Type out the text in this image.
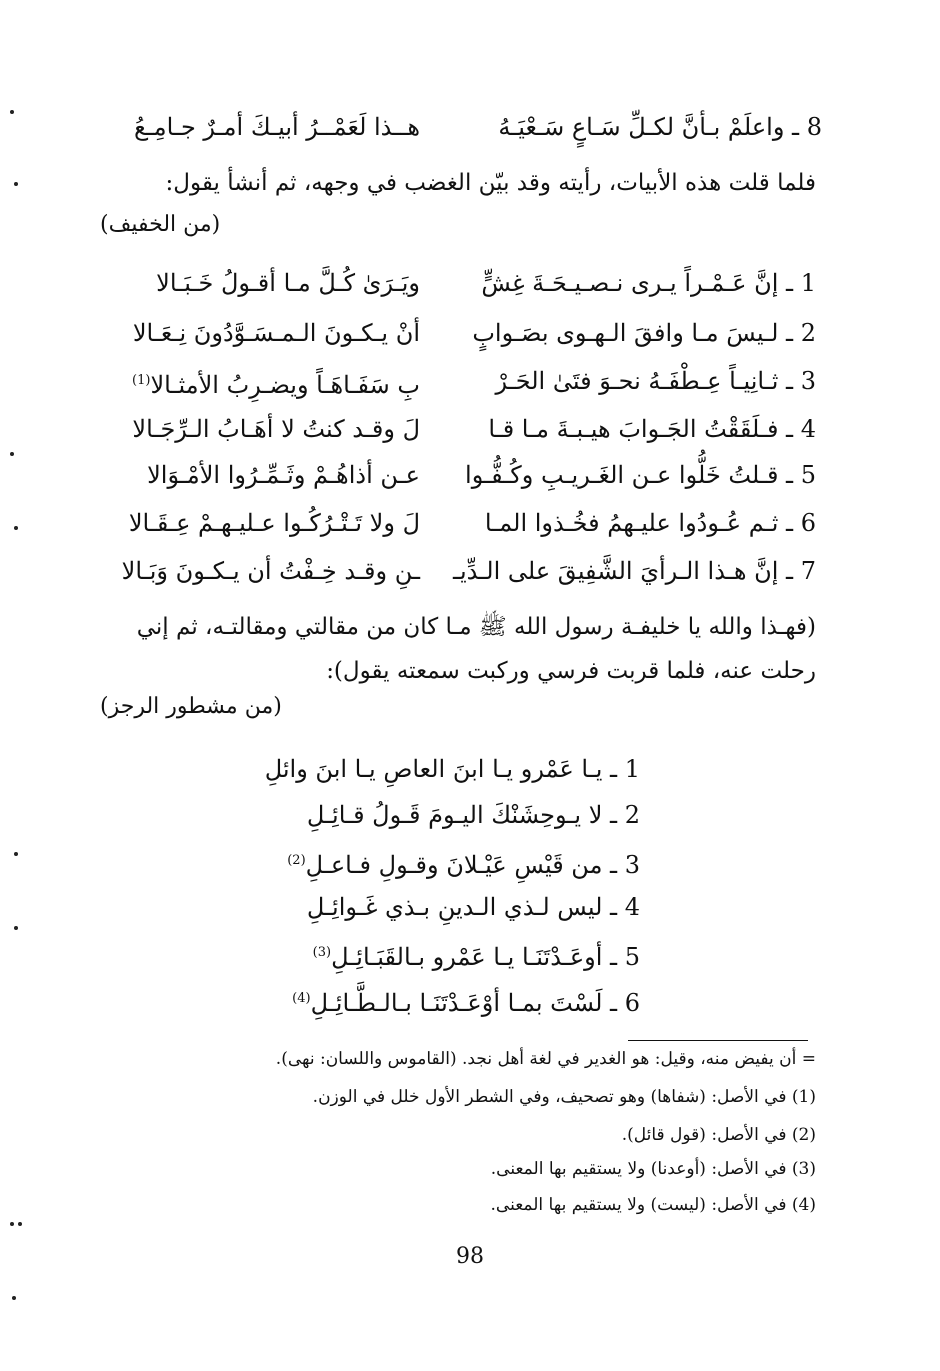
8 ـ واعلَمْ بـأنَّ لكـلِّ سَـاعٍ سَـعْيَـهُ
هــذا لَعَمْــرُ أبيـكَ أمـرٌ جـامِـعُ
فلما قلت هذه الأبيات، رأيته وقد بيّن الغضب في وجهه، ثم أنشأ يقول:
(من الخفيف)
1 ـ إنَّ عَـمْـراً يـرى نـصـيـحَـةَ غِشٍّ
ويَـرَىٰ كُـلَّ مـا أقـولُ خَـبَـالا
2 ـ لـيسَ مـا وافقَ الـهـوى بصَـوابٍ
أنْ يـكـونَ الـمـسَـوَّدُونَ نِـعَـالا
3 ـ ثـانِيـاً عِـطْفَـهُ نحـوَ فتَىٰ الحَـرْ
بِ سَفَـاهَـاً ويضـرِبُ الأمثـالا$^{(1)}$
4 ـ فـلَقَقْتُ الجَـوابَ هيـبـةَ مـا قـا
لَ وقـد كنتُ لا أهَـابُ الـرِّجَـالا
5 ـ قـلتُ خَلُّوا عـن الغَـريـبِ وكُـفُّـوا
عـن أذاهُـمْ وثَـمِّـرُوا الأمْـوَالا
6 ـ ثـم عُـودُوا عليـهمُ فخُـذوا المـا
لَ ولا تَـتْـرُكُـوا عـليـهـمْ عِـقَـالا
7 ـ إنَّ هـذا الـرأيَ الشَّفِيقَ على الـدِّيـ
ـنِ وقـد خِـفْتُ أن يـكـونَ وَبَـالا
(فهـذا والله يا خليفـة رسول الله ﷺ مـا كان من مقالتي ومقالتـه، ثم إني
رحلت عنه، فلما قربت فرسي وركبت سمعته يقول):
(من مشطور الرجز)
1 ـ يـا عَمْرو يـا ابنَ العاصِ يـا ابنَ وائلِ
2 ـ لا يـوحِشَنْكَ اليـومَ قَـولُ قـائِـلِ
3 ـ من قَيْسِ عَيْـلانَ وقـولِ فـاعـلِ$^{(2)}$
4 ـ ليس لـذي الـدينِ بـذي غَـوائِـلِ
5 ـ أوعَـدْتَنَـا يـا عَمْرو بـالقَبَـائِـلِ$^{(3)}$
6 ـ لَسْتَ بمـا أوْعَـدْتَنَـا بـالـطَّـائِـلِ$^{(4)}$
= أن يفيض منه، وقيل: هو الغدير في لغة أهل نجد. (القاموس واللسان: نهى).
(1) في الأصل: (شفاها) وهو تصحيف، وفي الشطر الأول خلل في الوزن.
(2) في الأصل: (قول قائل).
(3) في الأصل: (أوعدنا) ولا يستقيم بها المعنى.
(4) في الأصل: (ليست) ولا يستقيم بها المعنى.
98
